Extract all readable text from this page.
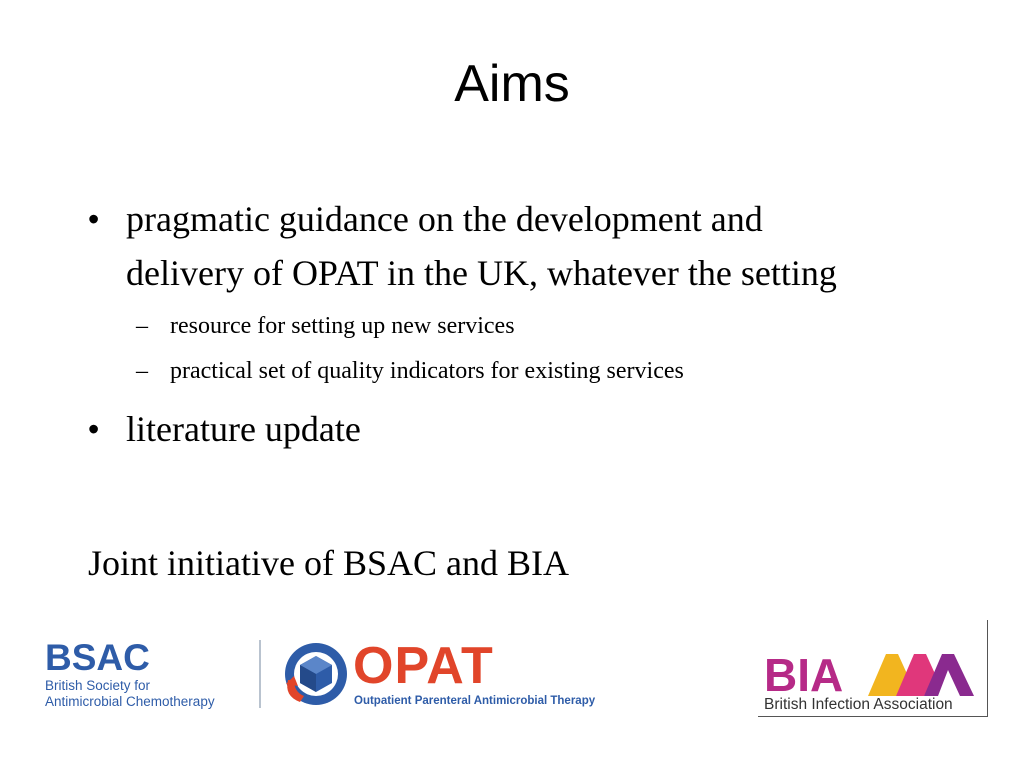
Aims
• pragmatic guidance on the development and delivery of OPAT in the UK, whatever the setting
– resource for setting up new services
– practical set of quality indicators for existing services
• literature update
Joint initiative of BSAC and BIA
BSAC
British Society for
Antimicrobial Chemotherapy
OPAT
Outpatient Parenteral Antimicrobial Therapy	BIA
British Infection Association
